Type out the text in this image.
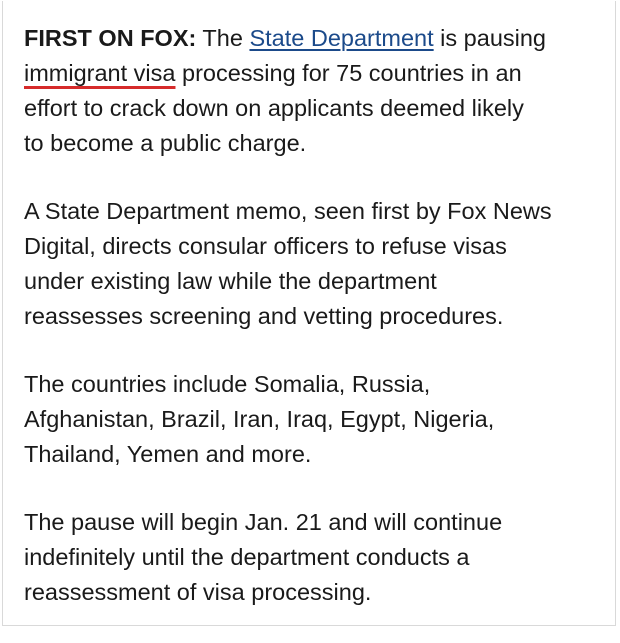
FIRST ON FOX: The State Department is pausing
immigrant visa processing for 75 countries in an
effort to crack down on applicants deemed likely
to become a public charge.

A State Department memo, seen first by Fox News
Digital, directs consular officers to refuse visas
under existing law while the department
reassesses screening and vetting procedures.

The countries include Somalia, Russia,
Afghanistan, Brazil, Iran, Iraq, Egypt, Nigeria,
Thailand, Yemen and more.

The pause will begin Jan. 21 and will continue
indefinitely until the department conducts a
reassessment of visa processing.
